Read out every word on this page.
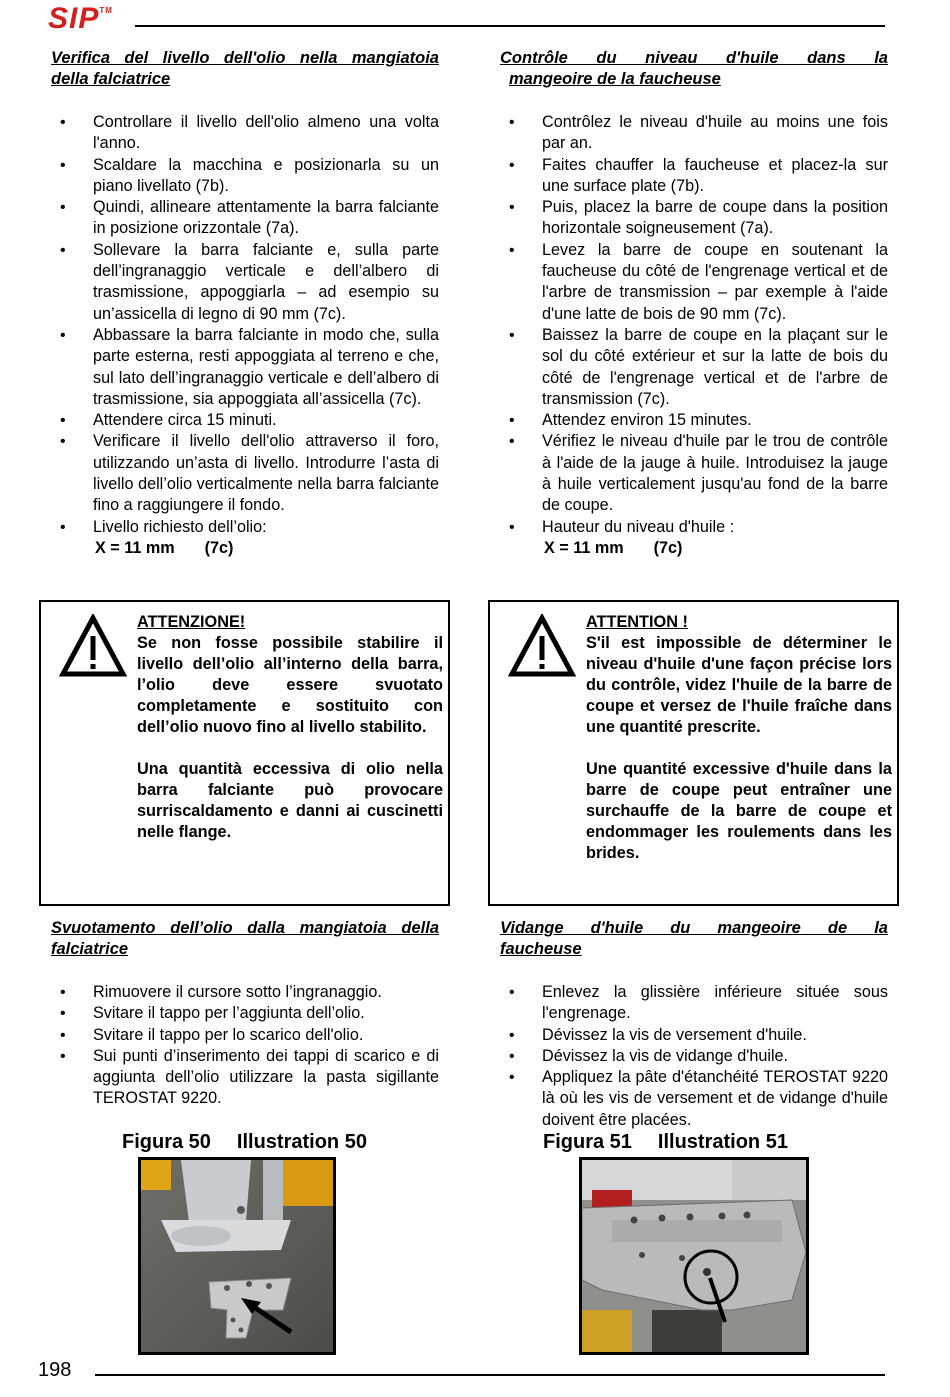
SIP™
Verifica del livello dell'olio nella mangiatoia
della falciatrice
• Controllare il livello dell'olio almeno una volta l'anno.
• Scaldare la macchina e posizionarla su un piano livellato (7b).
• Quindi, allineare attentamente la barra falciante in posizione orizzontale (7a).
• Sollevare la barra falciante e, sulla parte dell’ingranaggio verticale e dell’albero di trasmissione, appoggiarla – ad esempio su un’assicella di legno di 90 mm (7c).
• Abbassare la barra falciante in modo che, sulla parte esterna, resti appoggiata al terreno e che, sul lato dell’ingranaggio verticale e dell’albero di trasmissione, sia appoggiata all’assicella (7c).
• Attendere circa 15 minuti.
• Verificare il livello dell'olio attraverso il foro, utilizzando un’asta di livello. Introdurre l’asta di livello dell’olio verticalmente nella barra falciante fino a raggiungere il fondo.
• Livello richiesto dell’olio:
X = 11 mm (7c)
Contrôle du niveau d'huile dans la
mangeoire de la faucheuse
• Contrôlez le niveau d'huile au moins une fois par an.
• Faites chauffer la faucheuse et placez-la sur une surface plate (7b).
• Puis, placez la barre de coupe dans la position horizontale soigneusement (7a).
• Levez la barre de coupe en soutenant la faucheuse du côté de l'engrenage vertical et de l'arbre de transmission – par exemple à l'aide d'une latte de bois de 90 mm (7c).
• Baissez la barre de coupe en la plaçant sur le sol du côté extérieur et sur la latte de bois du côté de l'engrenage vertical et de l'arbre de transmission (7c).
• Attendez environ 15 minutes.
• Vérifiez le niveau d'huile par le trou de contrôle à l'aide de la jauge à huile. Introduisez la jauge à huile verticalement jusqu'au fond de la barre de coupe.
• Hauteur du niveau d'huile :
X = 11 mm (7c)
ATTENZIONE!

Se non fosse possibile stabilire il livello dell’olio all’interno della barra, l’olio deve essere svuotato completamente e sostituito con dell’olio nuovo fino al livello stabilito.

Una quantità eccessiva di olio nella barra falciante può provocare surriscaldamento e danni ai cuscinetti nelle flange.

ATTENTION !

S'il est impossible de déterminer le niveau d'huile d'une façon précise lors du contrôle, videz l'huile de la barre de coupe et versez de l'huile fraîche dans une quantité prescrite.

Une quantité excessive d'huile dans la barre de coupe peut entraîner une surchauffe de la barre de coupe et endommager les roulements dans les brides.

Svuotamento dell’olio dalla mangiatoia della
falciatrice
• Rimuovere il cursore sotto l’ingranaggio.
• Svitare il tappo per l’aggiunta dell’olio.
• Svitare il tappo per lo scarico dell'olio.
• Sui punti d’inserimento dei tappi di scarico e di aggiunta dell’olio utilizzare la pasta sigillante TEROSTAT 9220.
Vidange d'huile du mangeoire de la
faucheuse
• Enlevez la glissière inférieure située sous l'engrenage.
• Dévissez la vis de versement d'huile.
• Dévissez la vis de vidange d'huile.
• Appliquez la pâte d'étanchéité TEROSTAT 9220 là où les vis de versement et de vidange d'huile doivent être placées.
Figura 50 Illustration 50	Figura 51 Illustration 51
198
